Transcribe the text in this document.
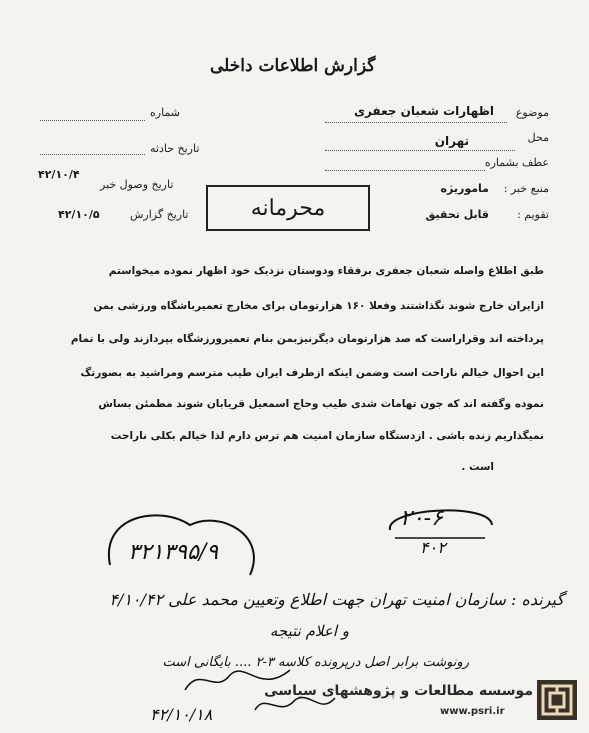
گزارش اطلاعات داخلی
موضوع
اظهارات شعبان جعفری
محل
تهران
عطف بشماره
منبع خبر :
ماموریژه
تقویم :
قابل تحقیق
شماره
تاریخ حادثه
تاریخ وصول خبر
۴۲/۱۰/۴
تاریخ گزارش
۴۲/۱۰/۵	محرمانه
طبق اطلاع واصله شعبان جعفری برفقاء ودوستان نزدیک خود اظهار نموده میخواستم
ازایران خارج شوند نگذاشتند وفعلا ۱۶۰ هزارتومان برای مخارج تعمیرباشگاه ورزشی بمن
پرداخته اند وقراراست که صد هزارتومان دیگرنیزبمن بنام تعمیرورزشگاه بپردازند ولی با تمام
این احوال خیالم ناراحت است وضمن اینکه ازطرف ایران طیب مترسم ومراشید به بصورتگ
نموده وگفته اند که جون تهامات شدی طیب وحاج اسمعیل قریابان شوند مطمئن بساش
نمیگذاریم زنده باشی . ازدستگاه سازمان امنیت هم ترس دارم لذا خیالم بکلی ناراحت
است .
۲۰-۶
۴۰۲
۳۲۱۳۹۵/۹
گیرنده : سازمان امنیت تهران جهت اطلاع وتعیین محمد علی ۴/۱۰/۴۲
و اعلام نتیجه
رونوشت برابر اصل درپرونده کلاسه ۳-۲ .... بایگانی است
۴۲/۱۰/۱۸
موسسه مطالعات و پژوهشهای سیاسی
www.psri.ir
